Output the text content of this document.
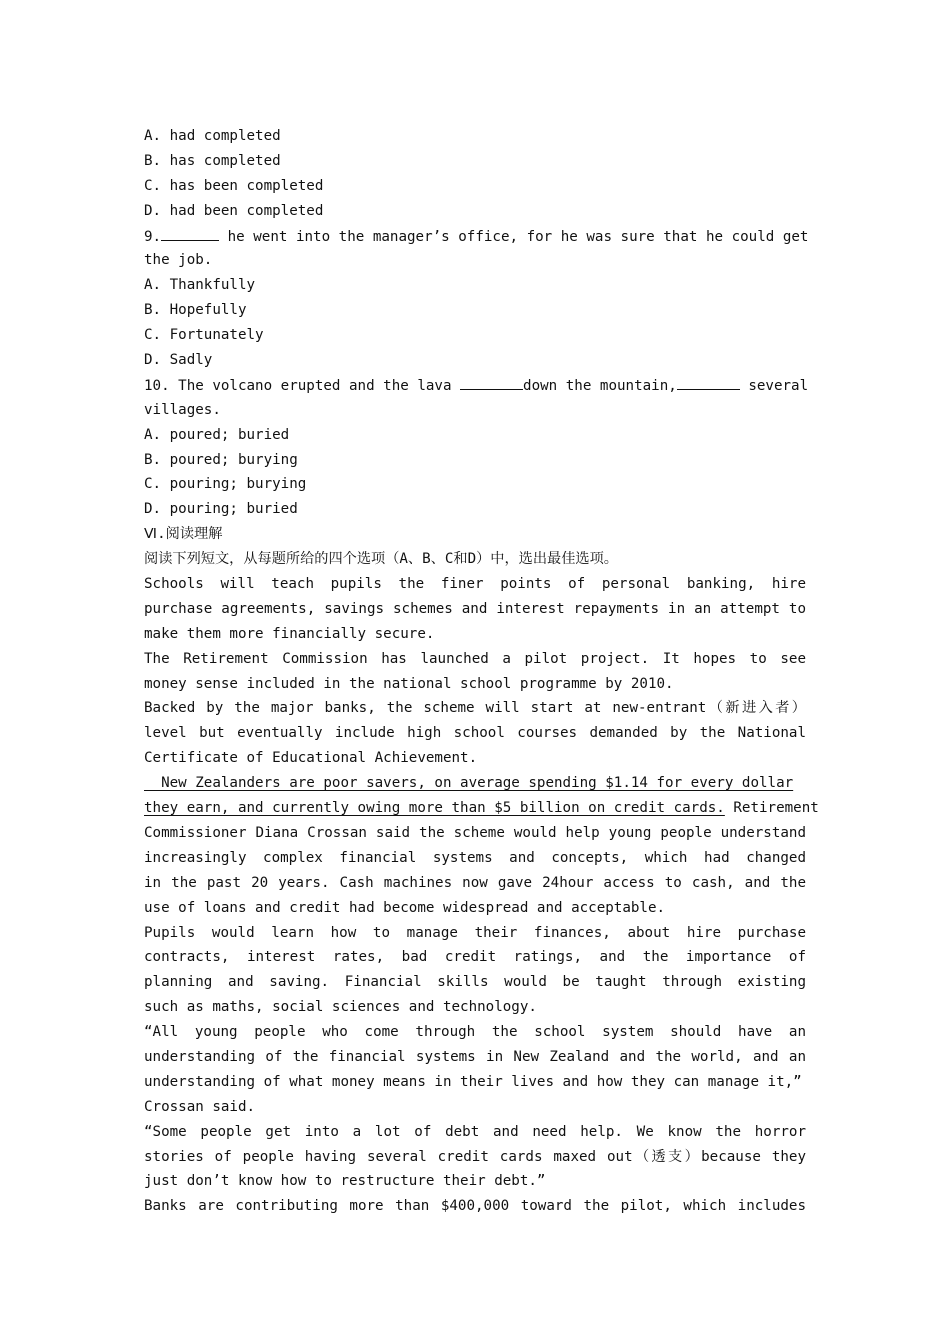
A. had completed
B. has completed
C. has been completed
D. had been completed
9.	he went into the manager’s office, for he was sure that he could get
the job.
A. Thankfully
B. Hopefully
C. Fortunately
D. Sadly
10. The volcano erupted and the lava	down the mountain,	several
villages.
A. poured; buried
B. poured; burying
C. pouring; burying
D. pouring; buried
Ⅵ.阅读理解
阅读下列短文，从每题所给的四个选项（A、B、C和D）中，选出最佳选项。
Schools will teach pupils the finer points of personal banking, hire
purchase agreements, savings schemes and interest repayments in an attempt to
make them more financially secure.
The Retirement Commission has launched a pilot project. It hopes to see
money sense included in the national school programme by 2010.
Backed by the major banks, the scheme will start at new-entrant（新进入者）
level but eventually include high school courses demanded by the National
Certificate of Educational Achievement.
New Zealanders are poor savers, on average spending $1.14 for every dollar
they earn, and currently owing more than $5 billion on credit cards. Retirement
Commissioner Diana Crossan said the scheme would help young people understand
increasingly complex financial systems and concepts, which had changed
in the past 20 years. Cash machines now gave 24hour access to cash, and the
use of loans and credit had become widespread and acceptable.
Pupils would learn how to manage their finances, about hire purchase
contracts, interest rates, bad credit ratings, and the importance of
planning and saving. Financial skills would be taught through existing
such as maths, social sciences and technology.
“All young people who come through the school system should have an
understanding of the financial systems in New Zealand and the world, and an
understanding of what money means in their lives and how they can manage it,”
Crossan said.
“Some people get into a lot of debt and need help. We know the horror
stories of people having several credit cards maxed out（透支）because they
just don’t know how to restructure their debt.”
Banks are contributing more than $400,000 toward the pilot, which includes
